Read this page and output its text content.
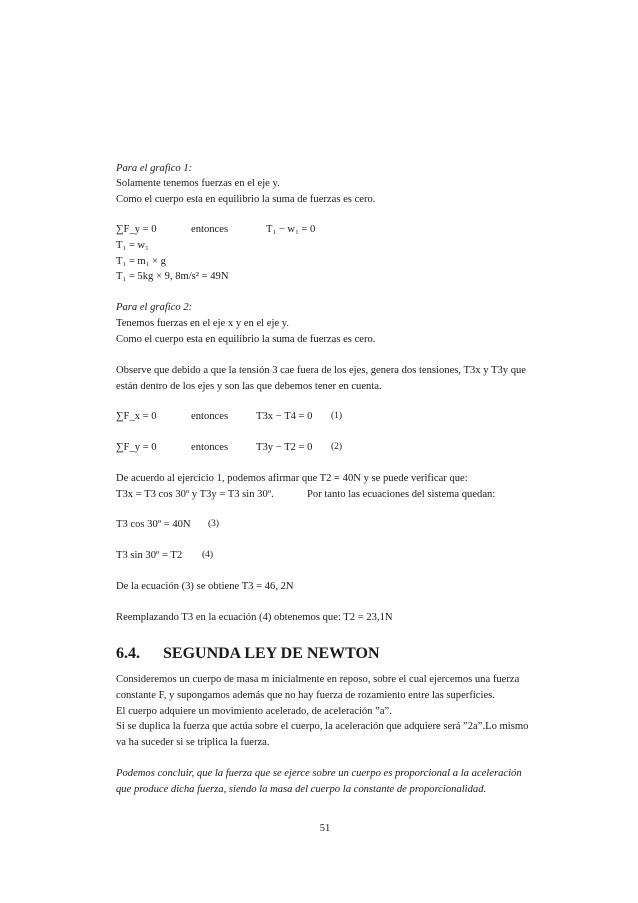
Para el grafico 1:
Solamente tenemos fuerzas en el eje y.
Como el cuerpo esta en equilibrio la suma de fuerzas es cero.
∑F_y = 0	entonces	T₁ − w₁ = 0
T₁ = w₁
T₁ = m₁ × g
T₁ = 5kg × 9, 8m/s² = 49N
Para el grafico 2:
Tenemos fuerzas en el eje x y en el eje y.
Como el cuerpo esta en equilibrio la suma de fuerzas es cero.
Observe que debido a que la tensión 3 cae fuera de los ejes, genera dos tensiones, T3x y T3y que
están dentro de los ejes y son las que debemos tener en cuenta.
∑F_x = 0	entonces	T3x − T4 = 0 (1)
∑F_y = 0	entonces	T3y − T2 = 0 (2)
De acuerdo al ejercicio 1, podemos afirmar que T2 = 40N y se puede verificar que:
T3x = T3 cos 30º y T3y = T3 sin 30º.	Por tanto las ecuaciones del sistema quedan:
T3 cos 30º = 40N (3)
T3 sin 30º = T2 (4)
De la ecuación (3) se obtiene T3 = 46, 2N
Reemplazando T3 en la ecuación (4) obtenemos que: T2 = 23,1N
6.4. SEGUNDA LEY DE NEWTON
Consideremos un cuerpo de masa m inicialmente en reposo, sobre el cual ejercemos una fuerza
constante F, y supongamos además que no hay fuerza de rozamiento entre las superficies.
El cuerpo adquiere un movimiento acelerado, de aceleración ”a”.
Si se duplica la fuerza que actúa sobre el cuerpo, la aceleración que adquiere será ”2a”.Lo mismo
va ha suceder si se triplica la fuerza.
Podemos concluir, que la fuerza que se ejerce sobre un cuerpo es proporcional a la aceleración
que produce dicha fuerza, siendo la masa del cuerpo la constante de proporcionalidad.
51
